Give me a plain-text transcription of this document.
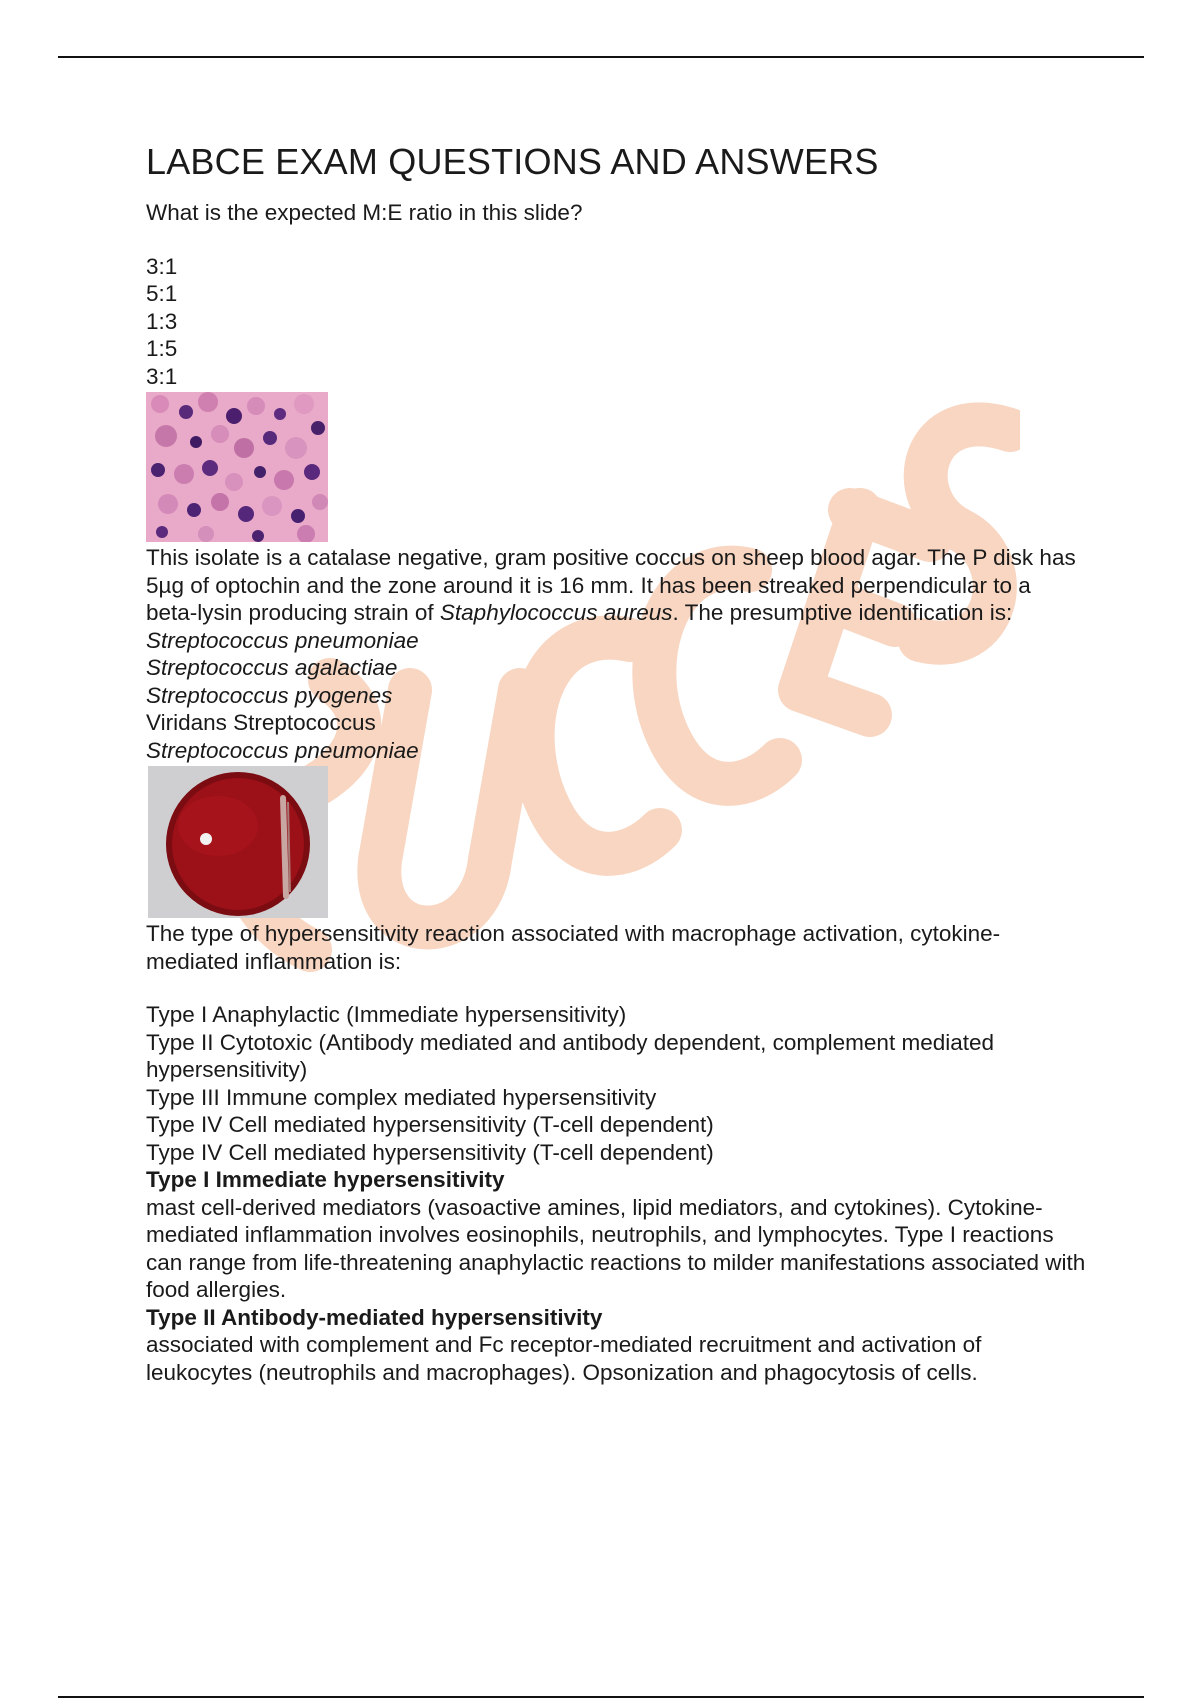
LABCE EXAM QUESTIONS AND ANSWERS

What is the expected M:E ratio in this slide?

3:1

5:1

1:3

1:5

3:1

This isolate is a catalase negative, gram positive coccus on sheep blood agar. The P disk has 5µg of optochin and the zone around it is 16 mm. It has been streaked perpendicular to a beta-lysin producing strain of Staphylococcus aureus. The presumptive identification is:

Streptococcus pneumoniae

Streptococcus agalactiae

Streptococcus pyogenes

Viridans Streptococcus

Streptococcus pneumoniae

The type of hypersensitivity reaction associated with macrophage activation, cytokine-mediated inflammation is:

Type I Anaphylactic (Immediate hypersensitivity)

Type II Cytotoxic (Antibody mediated and antibody dependent, complement mediated hypersensitivity)

Type III Immune complex mediated hypersensitivity

Type IV Cell mediated hypersensitivity (T-cell dependent)

Type IV Cell mediated hypersensitivity (T-cell dependent)

Type I Immediate hypersensitivity

mast cell-derived mediators (vasoactive amines, lipid mediators, and cytokines). Cytokine-mediated inflammation involves eosinophils, neutrophils, and lymphocytes. Type I reactions can range from life-threatening anaphylactic reactions to milder manifestations associated with food allergies.

Type II Antibody-mediated hypersensitivity

associated with complement and Fc receptor-mediated recruitment and activation of leukocytes (neutrophils and macrophages). Opsonization and phagocytosis of cells.
